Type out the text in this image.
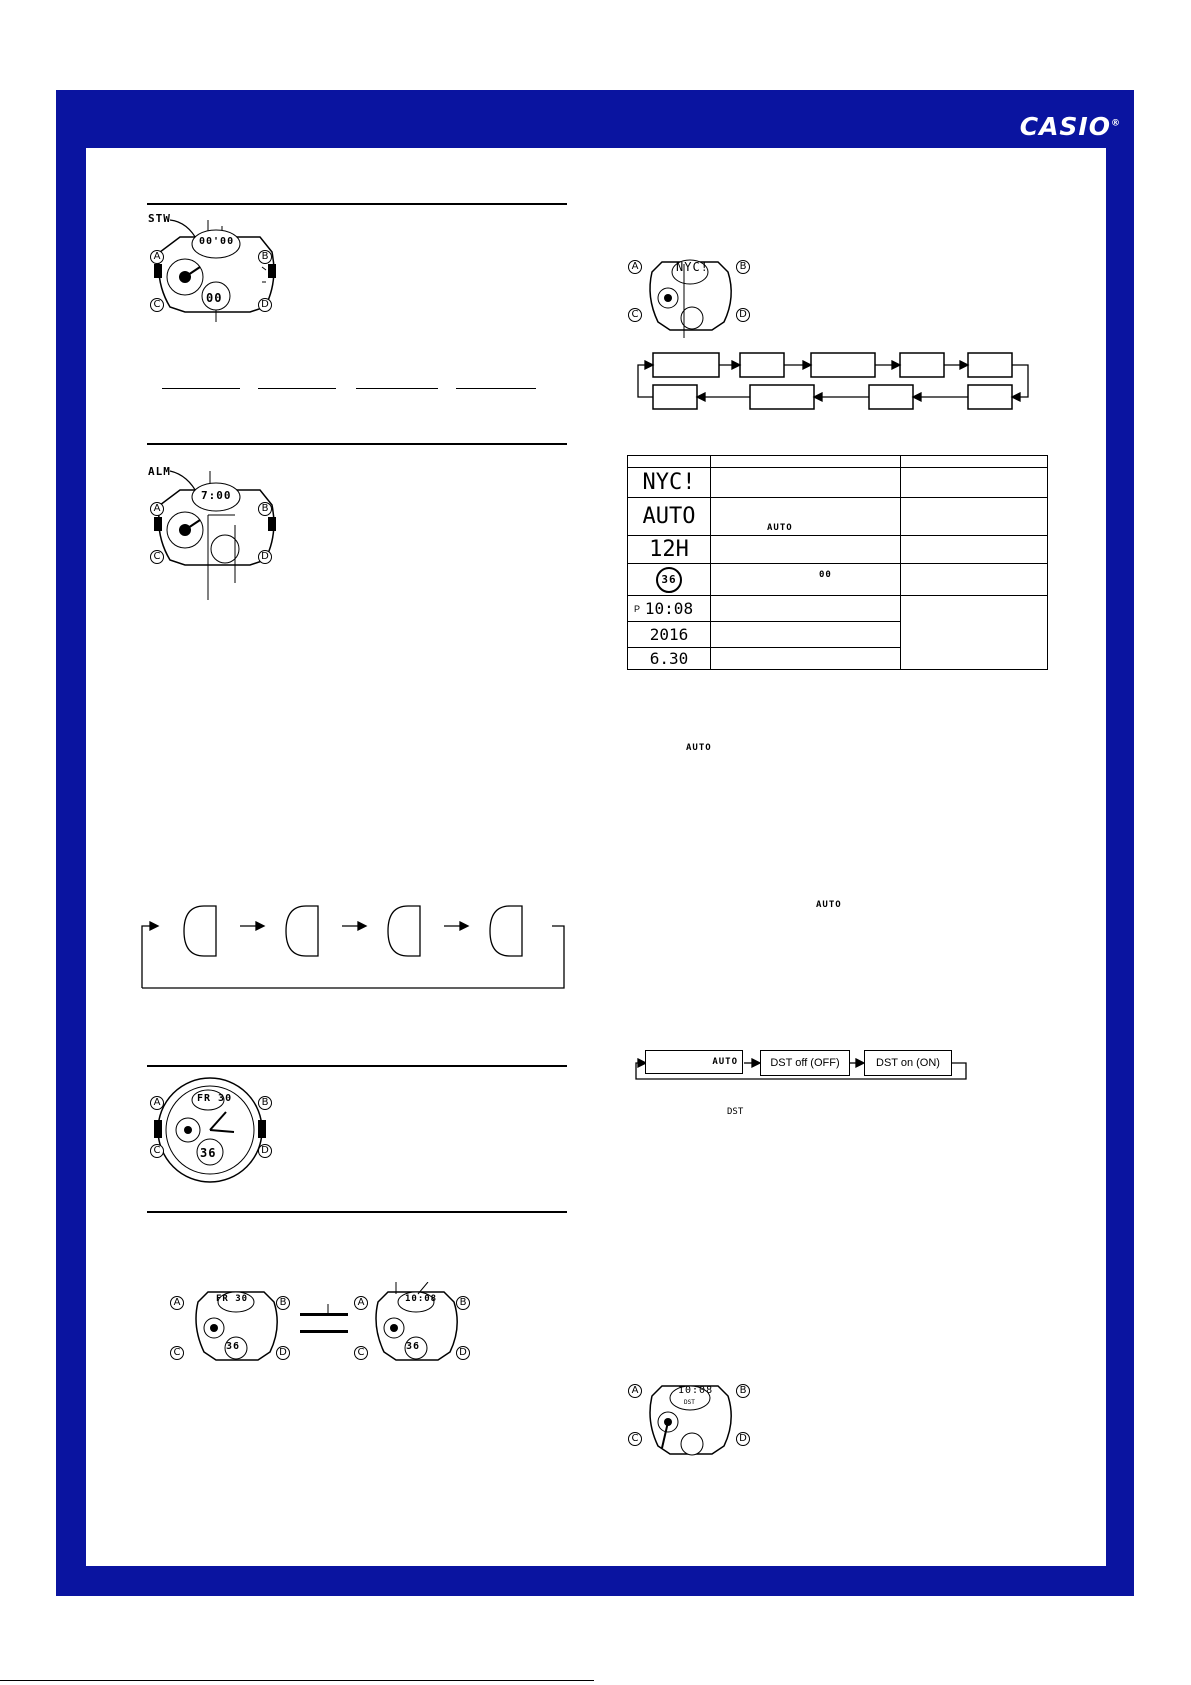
CASIO®
STW
00'00
00
A	B
C	D
ALM
7:00
A	B
C	D
FR 30
36
A	B
C	D
FR 30
36
A	B
C	D
10:08
36
A	B
C	D
NYC!
A	B
C	D

NYC!		
AUTO	AUTO	
12H		
36	00	

P 10:08		
2016		
6.30		
AUTO
AUTO
AUTO	DST off (OFF)	DST on (ON)
DST
10:08
DST
A	B
C	D
